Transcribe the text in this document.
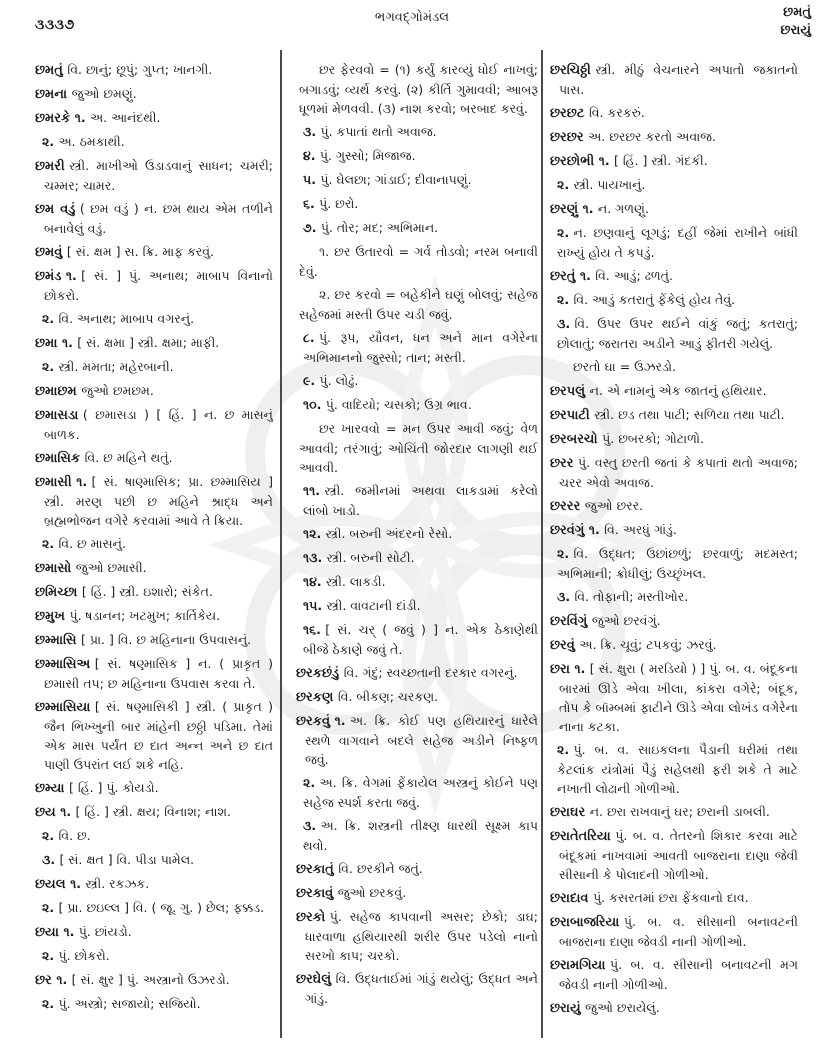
૩૩૩૭	ભગવદ્ગોમંડલ	છમતું
છરાયું

છમતું વિ. છાનું; છૂપું; ગુપ્ત; ખાનગી.

છમના જુઓ છમણું.

છમરકે ૧. અ. આનંદથી.

૨. અ. ઠમકાથી.

છમરી સ્ત્રી. માખીઓ ઉડાડવાનું સાધન; ચમરી; ચમ્મર; ચામર.

છમ વડું ( છમ વડું ) ન. છમ થાય એમ તળીને બનાવેલું વડું.

છમવું [ સં. ક્ષમ ] સ. ક્રિ. માફ કરવું.

છમંડ ૧. [ સં. ] પું. અનાથ; માબાપ વિનાનો છોકરો.

૨. વિ. અનાથ; માબાપ વગરનું.

છમા ૧. [ સં. ક્ષમા ] સ્ત્રી. ક્ષમા; માફી.

૨. સ્ત્રી. મમતા; મહેરબાની.

છમાછમ જુઓ છમછમ.

છમાસડા ( છમાસડા ) [ હિં. ] ન. છ માસનું બાળક.

છમાસિક વિ. છ મહિને થતું.

છમાસી ૧. [ સં. ષાણ્માસિક; પ્રા. છમ્માસિય ] સ્ત્રી. મરણ પછી છ મહિને શ્રાદ્ધ અને બ્રહ્મભોજન વગેરે કરવામાં આવે તે ક્રિયા.

૨. વિ. છ માસનું.

છમાસો જુઓ છમાસી.

છમિચ્છા [ હિં. ] સ્ત્રી. ઇશારો; સંકેત.

છમુખ પું. ષડાનન; ખટમુખ; કાર્તિકેય.

છમ્માસિ [ પ્રા. ] વિ. છ મહિનાના ઉપવાસનું.

છમ્માસિઅ [ સં. ષણ્માસિક ] ન. ( પ્રાકૃત ) છમાસી તપ; છ મહિનાના ઉપવાસ કરવા તે.

છમ્માસિયા [ સં. ષણ્માસિકી ] સ્ત્રી. ( પ્રાકૃત ) જૈન ભિખ્ખુની બાર માંહેની છઠ્ઠી પડિમા. તેમાં એક માસ પર્યંત છ દાત અન્ન અને છ દાત પાણી ઉપરાંત લઈ શકે નહિ.

છમ્યા [ હિં. ] પું. કોયડો.

છય ૧. [ હિં. ] સ્ત્રી. ક્ષય; વિનાશ; નાશ.

૨. વિ. છ.

૩. [ સં. ક્ષત ] વિ. પીડા પામેલ.

છયલ ૧. સ્ત્રી. રકઝક.

૨. [ પ્રા. છઇલ્લ ] વિ. ( જૂ. ગુ. ) છેલ; ફક્કડ.

છયા ૧. પું. છાંયડો.

૨. પું. છોકરો.

છર ૧. [ સં. ક્ષુર ] પું. અસ્ત્રાનો ઉઝરડો.

૨. પું. અસ્ત્રો; સજાયો; સજિયો.

છર ફેરવવો = (૧) કર્યું કારવ્યું ધોઈ નાખવું; બગાડવું; વ્યર્થ કરવું. (૨) કીર્તિ ગુમાવવી; આબરૂ ધૂળમાં મેળવવી. (૩) નાશ કરવો; બરબાદ કરવું.

૩. પું. કપાતાં થતો અવાજ.

૪. પું. ગુસ્સો; મિજાજ.

૫. પું. ઘેલછા; ગાંડાઈ; દીવાનાપણું.

૬. પું. છરો.

૭. પું. તોર; મદ; અભિમાન.

૧. છર ઉતારવો = ગર્વ તોડવો; નરમ બનાવી દેવું.

૨. છર કરવો = બહેકીને ઘણું બોલવું; સહેજ સહેજમાં મસ્તી ઉપર ચડી જવું.

૮. પું. રૂપ, યૌવન, ધન અને માન વગેરેના અભિમાનનો જુસ્સો; તાન; મસ્તી.

૯. પું. લોઢું.

૧૦. પું. વાદિયો; ચસકો; ઉગ્ર ભાવ.

છર ખારવવો = મન ઉપર આવી જવું; વેળ આવવી; તરંગાવું; ઓચિંતી જોરદાર લાગણી થઈ આવવી.

૧૧. સ્ત્રી. જમીનમાં અથવા લાકડામાં કરેલો લાંબો ખાડો.

૧૨. સ્ત્રી. બરુની અંદરનો રેસો.

૧૩. સ્ત્રી. બરુની સોટી.

૧૪. સ્ત્રી. લાકડી.

૧૫. સ્ત્રી. વાવટાની દાંડી.

૧૬. [ સં. ચર્ ( જવું ) ] ન. એક ઠેકાણેથી બીજે ઠેકાણે જવું તે.

છરકછંડું વિ. ગંદું; સ્વચ્છતાની દરકાર વગરનું.

છરકણ વિ. બીકણ; ચરકણ.

છરકવું ૧. અ. ક્રિ. કોઈ પણ હથિયારનું ધારેલે સ્થળે વાગવાને બદલે સહેજ અડીને નિષ્ફળ જવું.

૨. અ. ક્રિ. વેગમાં ફેંકાયેલ અસ્ત્રનું કોઈને પણ સહેજ સ્પર્શ કરતા જવું.

૩. અ. ક્રિ. શસ્ત્રની તીક્ષ્ણ ધારથી સૂક્ષ્મ કાપ થવો.

છરકાતું વિ. છરકીને જતું.

છરકાવું જુઓ છરકવું.

છરકો પું. સહેજ કાપવાની અસર; છેકો; ડાઘ; ધારવાળા હથિયારથી શરીર ઉપર પડેલો નાનો સરખો કાપ; ચરકો.

છરઘેલું વિ. ઉદ્ધતાઈમાં ગાંડું થયેલું; ઉદ્ધત અને ગાંડું.

છરચિઠ્ઠી સ્ત્રી. મીઠું વેચનારને અપાતો જકાતનો પાસ.

છરછટ વિ. કરકરું.

છરછર અ. છરછર કરતો અવાજ.

છરછોભી ૧. [ હિં. ] સ્ત્રી. ગંદકી.

૨. સ્ત્રી. પાયખાનું.

છરણું ૧. ન. ગળણું.

૨. ન. છણવાનું લૂગડું; દહીં જેમાં રાખીને બાંધી રાખ્યું હોય તે કપડું.

છરતું ૧. વિ. આડું; ઢળતું.

૨. વિ. આડું કતરાતું ફેંકેલું હોય તેવું.

૩. વિ. ઉપર ઉપર થઈને વાંકું જતું; કતરાતું; છોલાતું; જરાતરા અડીને આડું ફીતરી ગયેલું.

છરતો ઘા = ઉઝરડો.

છરપલું ન. એ નામનું એક જાતનું હથિયાર.

છરપાટી સ્ત્રી. છડ તથા પાટી; સળિયા તથા પાટી.

છરબરચો પું. છબરકો; ગોટાળો.

છરર પું. વસ્તુ છરતી જતાં કે કપાતાં થતો અવાજ; ચરર એવો અવાજ.

છરરર જુઓ છરર.

છરવંગું ૧. વિ. અરધું ગાંડું.

૨. વિ. ઉદ્ધત; ઉછાંછળું; છરવાળું; મદમસ્ત; અભિમાની; ક્રોધીલું; ઉચ્છૃંખલ.

૩. વિ. તોફાની; મસ્તીખોર.

છરવિંગું જુઓ છરવંગું.

છરવું અ. ક્રિ. ચૂવું; ટપકવું; ઝરવું.

છરા ૧. [ સં. ક્ષુરા ( મરડિયો ) ] પું. બ. વ. બંદૂકના બારમાં ઊડે એવા ખીલા, કાંકરા વગેરે; બંદૂક, તોપ કે બૉમ્બમાં ફાટીને ઊડે એવા લોખંડ વગેરેના નાના કટકા.

૨. પું. બ. વ. સાઇકલના પૈડાની ધરીમાં તથા કેટલાંક યંત્રોમાં પૈડું સહેલથી ફરી શકે તે માટે નખાતી લોઢાની ગોળીઓ.

છરાઘર ન. છરા રાખવાનું ઘર; છરાની ડાબલી.

છરાતેતરિયા પું. બ. વ. તેતરનો શિકાર કરવા માટે બંદૂકમાં નાખવામાં આવતી બાજરાના દાણા જેવી સીસાની કે પોલાદની ગોળીઓ.

છરાદાવ પું. કસરતમાં છરા ફેંકવાનો દાવ.

છરાબાજરિયા પું. બ. વ. સીસાની બનાવટની બાજરાના દાણા જેવડી નાની ગોળીઓ.

છરામગિયા પું. બ. વ. સીસાની બનાવટની મગ જેવડી નાની ગોળીઓ.

છરાયું જુઓ છરાયેલું.
